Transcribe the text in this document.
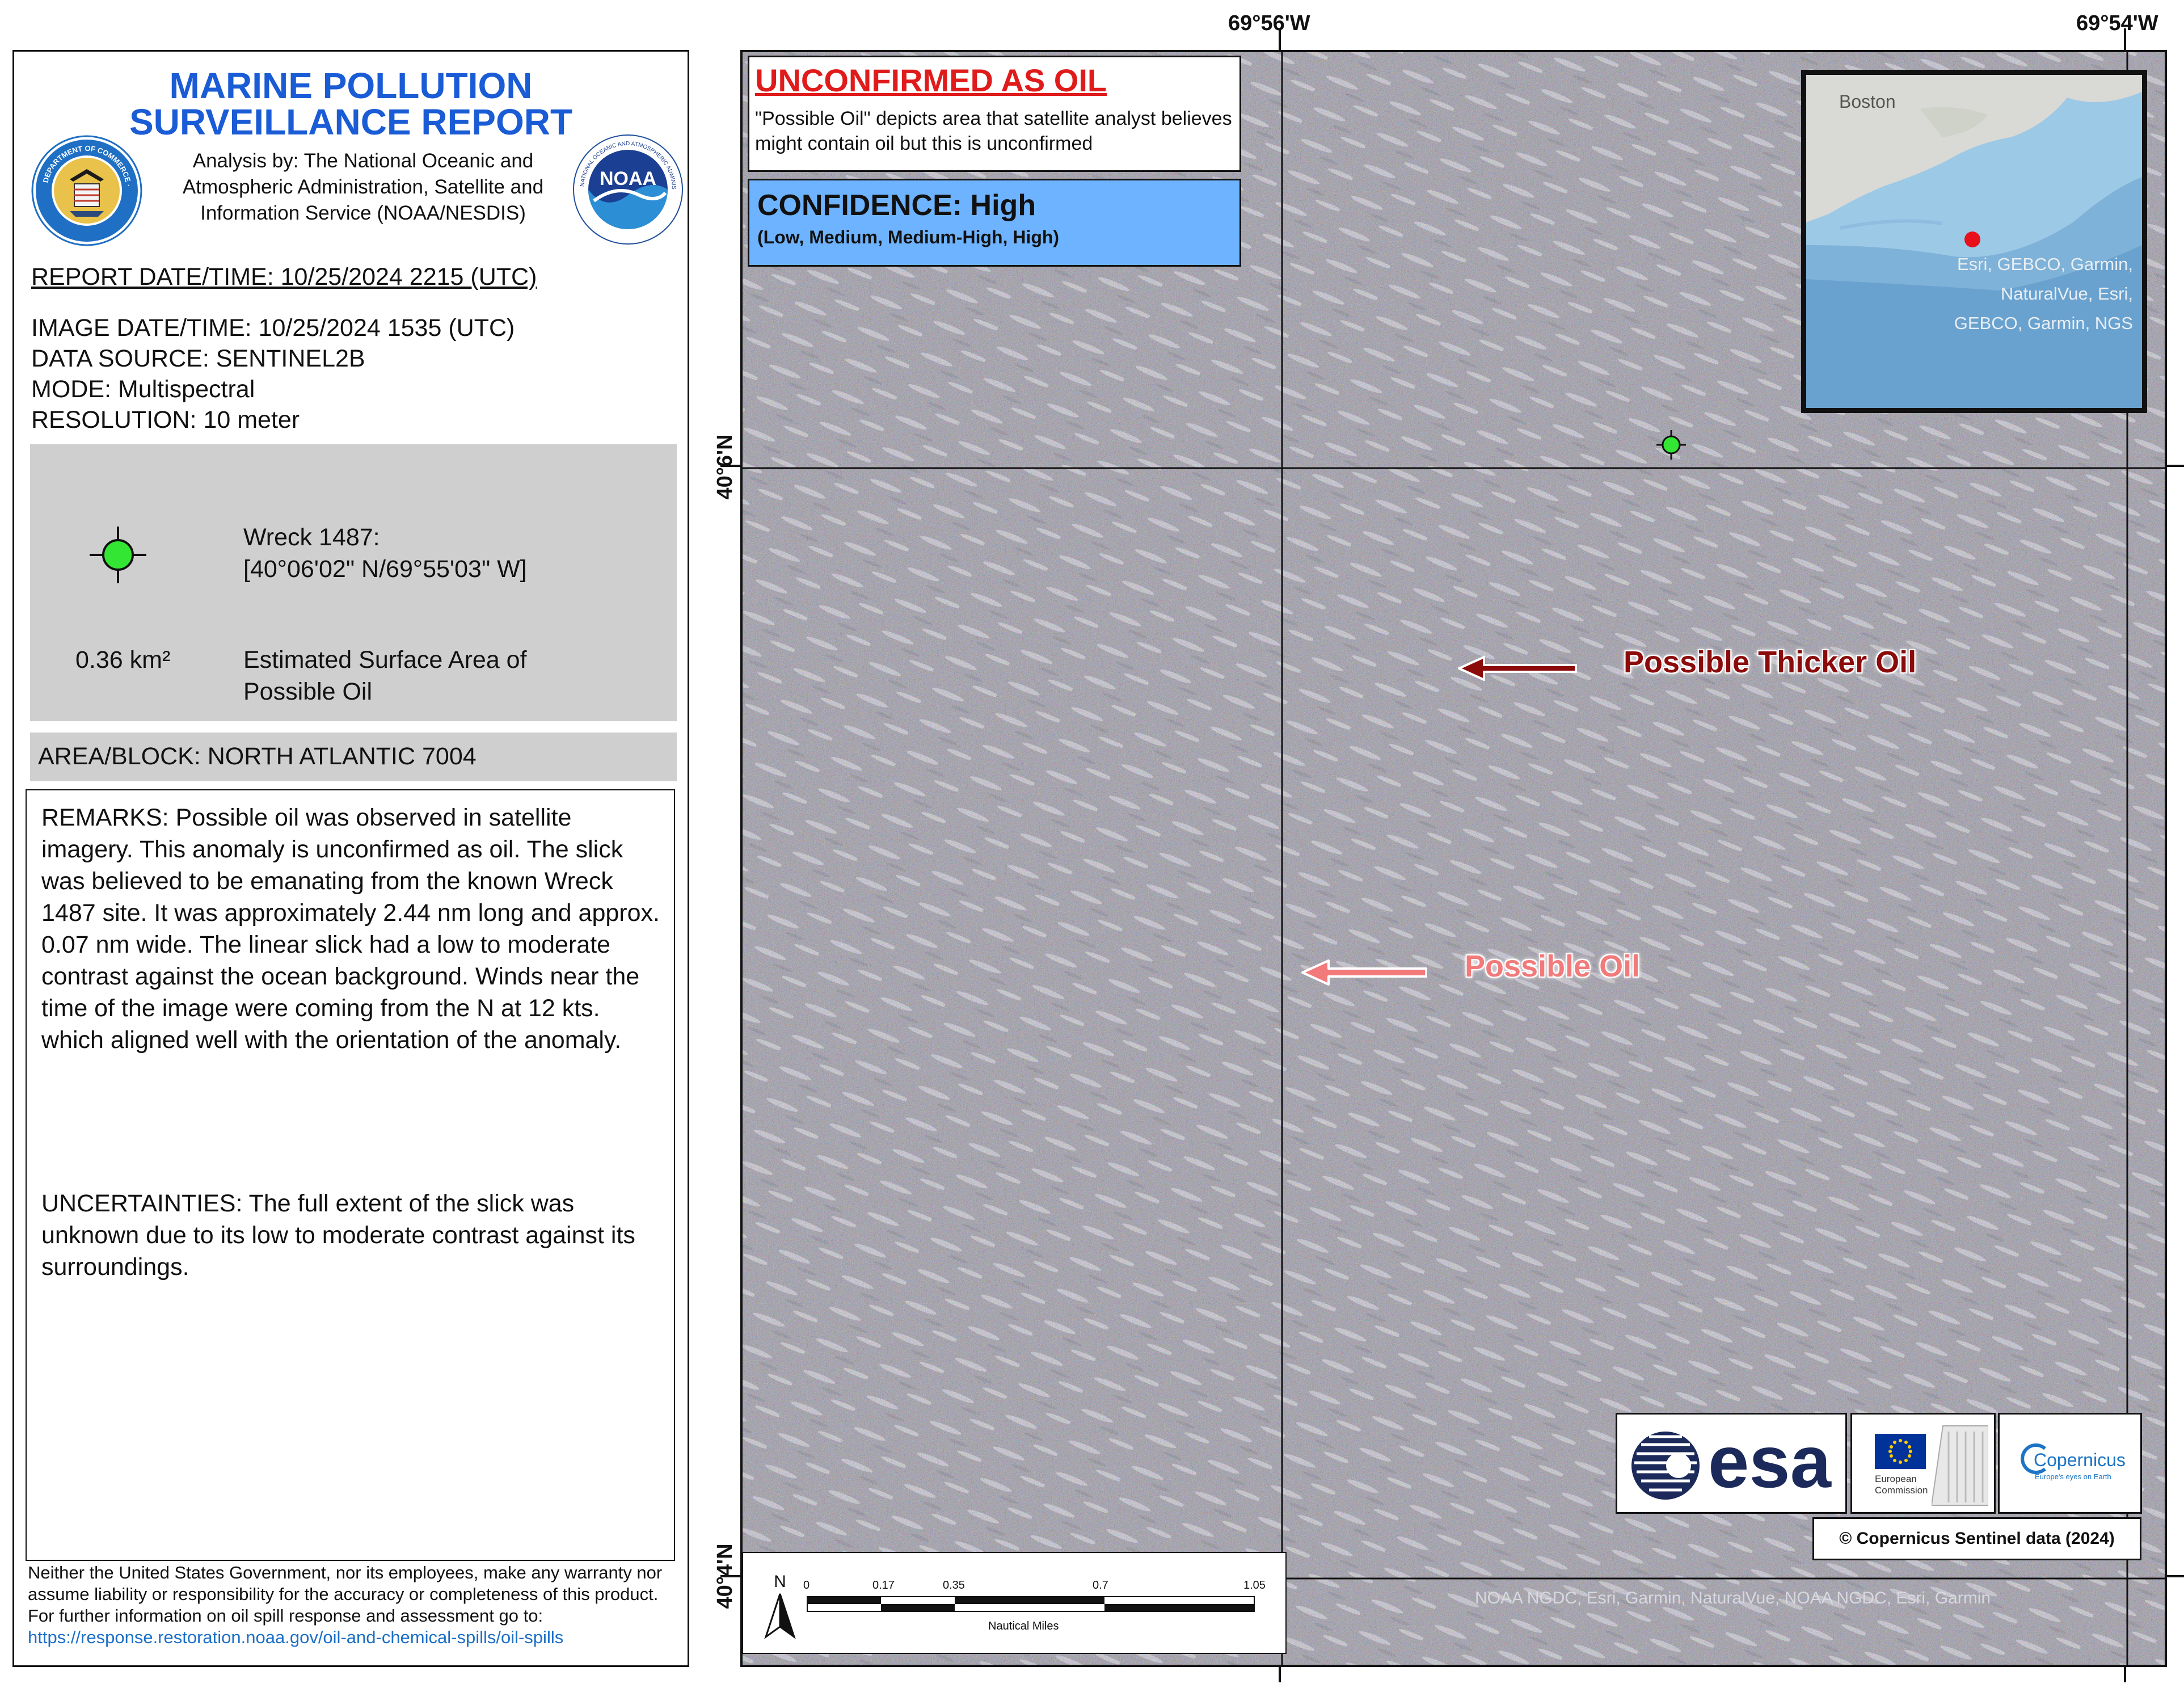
MARINE POLLUTION
SURVEILLANCE REPORT
DEPARTMENT OF COMMERCE ·
Analysis by: The National Oceanic and Atmospheric Administration, Satellite and Information Service (NOAA/NESDIS)
NOAA
NATIONAL OCEANIC AND ATMOSPHERIC ADMINIS
REPORT DATE/TIME: 10/25/2024 2215 (UTC)
IMAGE DATE/TIME: 10/25/2024 1535 (UTC)
DATA SOURCE: SENTINEL2B
MODE: Multispectral
RESOLUTION: 10 meter
Wreck 1487:
[40°06'02" N/69°55'03" W]
0.36 km²	Estimated Surface Area of
Possible Oil
AREA/BLOCK: NORTH ATLANTIC 7004
REMARKS: Possible oil was observed in satellite imagery. This anomaly is unconfirmed as oil. The slick was believed to be emanating from the known Wreck 1487 site. It was approximately 2.44 nm long and approx. 0.07 nm wide. The linear slick had a low to moderate contrast against the ocean background. Winds near the time of the image were coming from the N at 12 kts. which aligned well with the orientation of the anomaly.
UNCERTAINTIES: The full extent of the slick was unknown due to its low to moderate contrast against its surroundings.
Neither the United States Government, nor its employees, make any warranty nor assume liability or responsibility for the accuracy or completeness of this product.
For further information on oil spill response and assessment go to: https://response.restoration.noaa.gov/oil-and-chemical-spills/oil-spills
69°56'W	69°54'W
40°6'N
40°4'N
UNCONFIRMED AS OIL
"Possible Oil" depicts area that satellite analyst believes might contain oil but this is unconfirmed
CONFIDENCE: High
(Low, Medium, Medium-High, High)
Boston
Esri, GEBCO, Garmin, NaturalVue, Esri, GEBCO, Garmin, NGS
Possible Thicker Oil
Possible Oil
esa	European Commission
Copernicus
Europe's eyes on Earth
© Copernicus Sentinel data (2024)
N 0	0.17	0.35	0.7	1.05
Nautical Miles
NOAA NGDC, Esri, Garmin, NaturalVue, NOAA NGDC, Esri, Garmin
